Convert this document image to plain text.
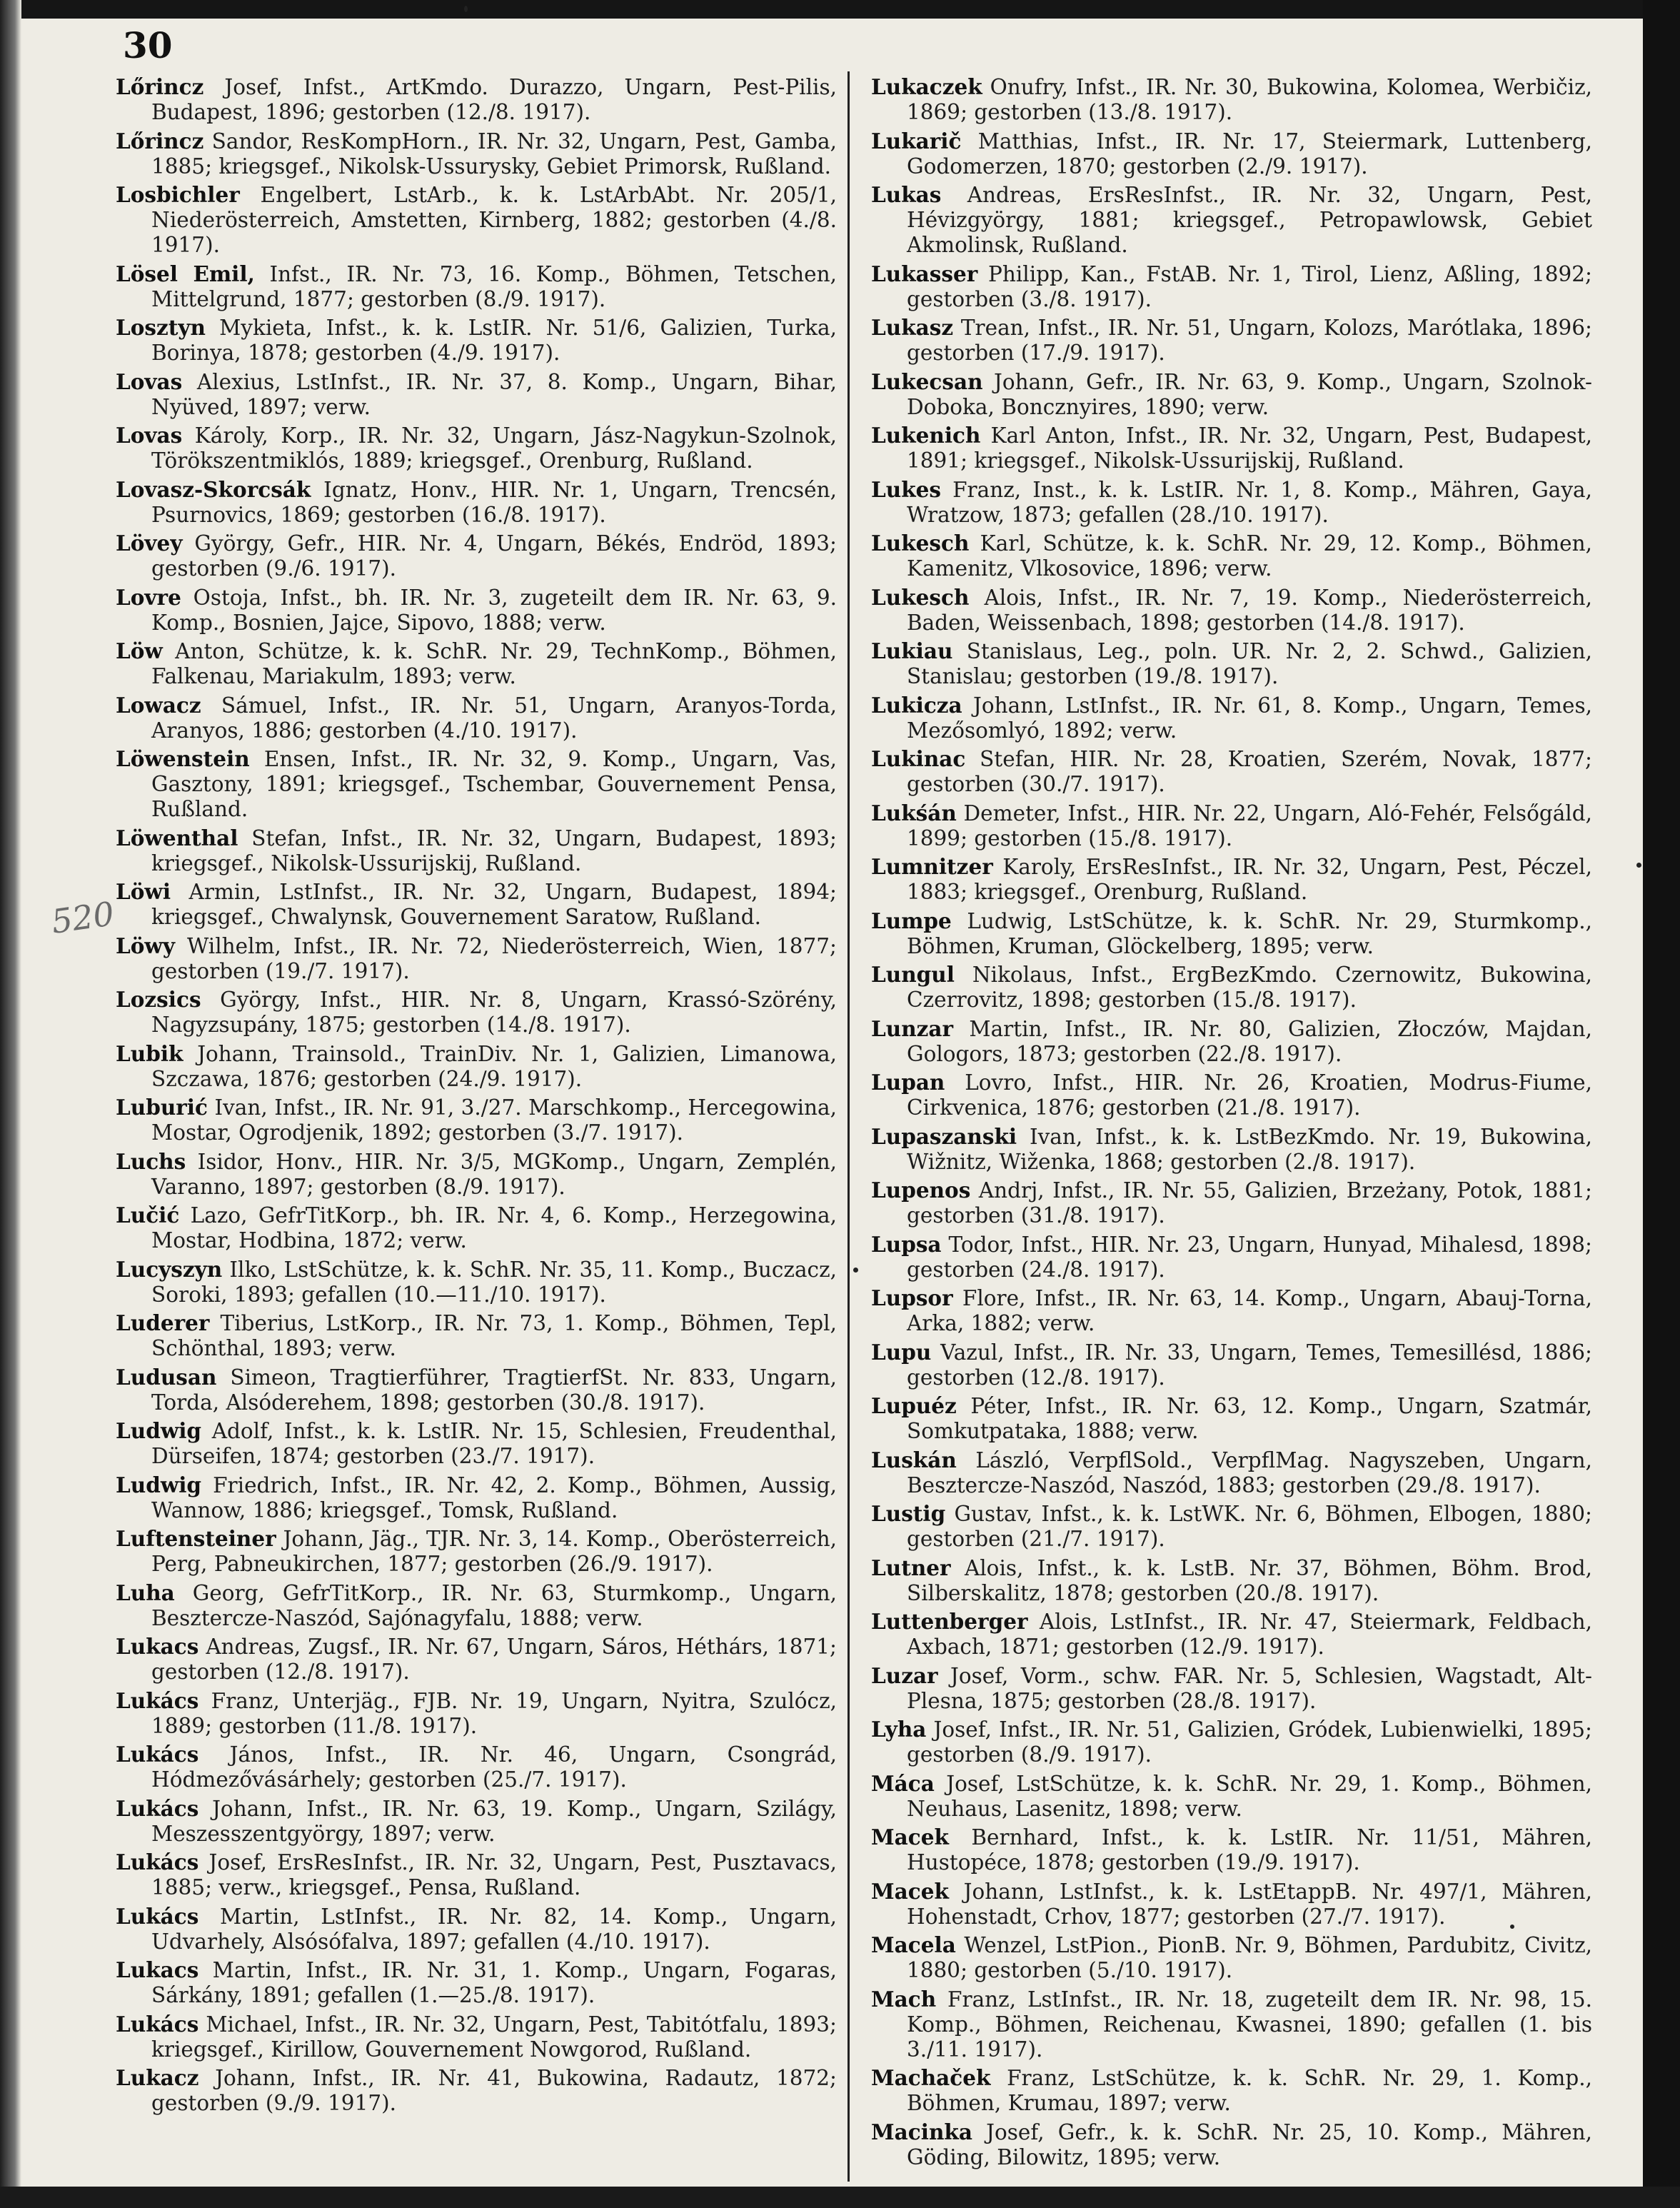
30
520

Lőrincz Josef, Infst., ArtKmdo. Durazzo, Ungarn, Pest-Pilis, Budapest, 1896; gestorben (12./8. 1917).

Lőrincz Sandor, ResKompHorn., IR. Nr. 32, Ungarn, Pest, Gamba, 1885; kriegsgef., Nikolsk-Ussurysky, Gebiet Primorsk, Rußland.

Losbichler Engelbert, LstArb., k. k. LstArbAbt. Nr. 205/1, Niederösterreich, Amstetten, Kirnberg, 1882; gestorben (4./8. 1917).

Lösel Emil, Infst., IR. Nr. 73, 16. Komp., Böhmen, Tetschen, Mittelgrund, 1877; gestorben (8./9. 1917).

Losztyn Mykieta, Infst., k. k. LstIR. Nr. 51/6, Galizien, Turka, Borinya, 1878; gestorben (4./9. 1917).

Lovas Alexius, LstInfst., IR. Nr. 37, 8. Komp., Ungarn, Bihar, Nyüved, 1897; verw.

Lovas Károly, Korp., IR. Nr. 32, Ungarn, Jász-Nagykun-Szolnok, Törökszentmiklós, 1889; kriegsgef., Orenburg, Rußland.

Lovasz-Skorcsák Ignatz, Honv., HIR. Nr. 1, Ungarn, Trencsén, Psurnovics, 1869; gestorben (16./8. 1917).

Lövey György, Gefr., HIR. Nr. 4, Ungarn, Békés, Endröd, 1893; gestorben (9./6. 1917).

Lovre Ostoja, Infst., bh. IR. Nr. 3, zugeteilt dem IR. Nr. 63, 9. Komp., Bosnien, Jajce, Sipovo, 1888; verw.

Löw Anton, Schütze, k. k. SchR. Nr. 29, TechnKomp., Böhmen, Falkenau, Mariakulm, 1893; verw.

Lowacz Sámuel, Infst., IR. Nr. 51, Ungarn, Aranyos-Torda, Aranyos, 1886; gestorben (4./10. 1917).

Löwenstein Ensen, Infst., IR. Nr. 32, 9. Komp., Ungarn, Vas, Gasztony, 1891; kriegsgef., Tschembar, Gouvernement Pensa, Rußland.

Löwenthal Stefan, Infst., IR. Nr. 32, Ungarn, Budapest, 1893; kriegsgef., Nikolsk-Ussurijskij, Rußland.

Löwi Armin, LstInfst., IR. Nr. 32, Ungarn, Budapest, 1894; kriegsgef., Chwalynsk, Gouvernement Saratow, Rußland.

Löwy Wilhelm, Infst., IR. Nr. 72, Niederösterreich, Wien, 1877; gestorben (19./7. 1917).

Lozsics György, Infst., HIR. Nr. 8, Ungarn, Krassó-Szörény, Nagyzsupány, 1875; gestorben (14./8. 1917).

Lubik Johann, Trainsold., TrainDiv. Nr. 1, Galizien, Limanowa, Szczawa, 1876; gestorben (24./9. 1917).

Luburić Ivan, Infst., IR. Nr. 91, 3./27. Marschkomp., Hercegowina, Mostar, Ogrodjenik, 1892; gestorben (3./7. 1917).

Luchs Isidor, Honv., HIR. Nr. 3/5, MGKomp., Ungarn, Zemplén, Varanno, 1897; gestorben (8./9. 1917).

Lučić Lazo, GefrTitKorp., bh. IR. Nr. 4, 6. Komp., Herzegowina, Mostar, Hodbina, 1872; verw.

Lucyszyn Ilko, LstSchütze, k. k. SchR. Nr. 35, 11. Komp., Buczacz, Soroki, 1893; gefallen (10.—11./10. 1917).

Luderer Tiberius, LstKorp., IR. Nr. 73, 1. Komp., Böhmen, Tepl, Schönthal, 1893; verw.

Ludusan Simeon, Tragtierführer, TragtierfSt. Nr. 833, Ungarn, Torda, Alsóderehem, 1898; gestorben (30./8. 1917).

Ludwig Adolf, Infst., k. k. LstIR. Nr. 15, Schlesien, Freudenthal, Dürseifen, 1874; gestorben (23./7. 1917).

Ludwig Friedrich, Infst., IR. Nr. 42, 2. Komp., Böhmen, Aussig, Wannow, 1886; kriegsgef., Tomsk, Rußland.

Luftensteiner Johann, Jäg., TJR. Nr. 3, 14. Komp., Oberösterreich, Perg, Pabneukirchen, 1877; gestorben (26./9. 1917).

Luha Georg, GefrTitKorp., IR. Nr. 63, Sturmkomp., Ungarn, Besztercze-Naszód, Sajónagyfalu, 1888; verw.

Lukacs Andreas, Zugsf., IR. Nr. 67, Ungarn, Sáros, Héthárs, 1871; gestorben (12./8. 1917).

Lukács Franz, Unterjäg., FJB. Nr. 19, Ungarn, Nyitra, Szulócz, 1889; gestorben (11./8. 1917).

Lukács János, Infst., IR. Nr. 46, Ungarn, Csongrád, Hódmezővásárhely; gestorben (25./7. 1917).

Lukács Johann, Infst., IR. Nr. 63, 19. Komp., Ungarn, Szilágy, Meszesszentgyörgy, 1897; verw.

Lukács Josef, ErsResInfst., IR. Nr. 32, Ungarn, Pest, Pusztavacs, 1885; verw., kriegsgef., Pensa, Rußland.

Lukács Martin, LstInfst., IR. Nr. 82, 14. Komp., Ungarn, Udvarhely, Alsósófalva, 1897; gefallen (4./10. 1917).

Lukacs Martin, Infst., IR. Nr. 31, 1. Komp., Ungarn, Fogaras, Sárkány, 1891; gefallen (1.—25./8. 1917).

Lukács Michael, Infst., IR. Nr. 32, Ungarn, Pest, Tabitótfalu, 1893; kriegsgef., Kirillow, Gouvernement Nowgorod, Rußland.

Lukacz Johann, Infst., IR. Nr. 41, Bukowina, Radautz, 1872; gestorben (9./9. 1917).

Lukaczek Onufry, Infst., IR. Nr. 30, Bukowina, Kolomea, Werbičiz, 1869; gestorben (13./8. 1917).

Lukarič Matthias, Infst., IR. Nr. 17, Steiermark, Luttenberg, Godomerzen, 1870; gestorben (2./9. 1917).

Lukas Andreas, ErsResInfst., IR. Nr. 32, Ungarn, Pest, Hévizgyörgy, 1881; kriegsgef., Petropawlowsk, Gebiet Akmolinsk, Rußland.

Lukasser Philipp, Kan., FstAB. Nr. 1, Tirol, Lienz, Aßling, 1892; gestorben (3./8. 1917).

Lukasz Trean, Infst., IR. Nr. 51, Ungarn, Kolozs, Marótlaka, 1896; gestorben (17./9. 1917).

Lukecsan Johann, Gefr., IR. Nr. 63, 9. Komp., Ungarn, Szolnok-Doboka, Boncznyires, 1890; verw.

Lukenich Karl Anton, Infst., IR. Nr. 32, Ungarn, Pest, Budapest, 1891; kriegsgef., Nikolsk-Ussurijskij, Rußland.

Lukes Franz, Inst., k. k. LstIR. Nr. 1, 8. Komp., Mähren, Gaya, Wratzow, 1873; gefallen (28./10. 1917).

Lukesch Karl, Schütze, k. k. SchR. Nr. 29, 12. Komp., Böhmen, Kamenitz, Vlkosovice, 1896; verw.

Lukesch Alois, Infst., IR. Nr. 7, 19. Komp., Niederösterreich, Baden, Weissenbach, 1898; gestorben (14./8. 1917).

Lukiau Stanislaus, Leg., poln. UR. Nr. 2, 2. Schwd., Galizien, Stanislau; gestorben (19./8. 1917).

Lukicza Johann, LstInfst., IR. Nr. 61, 8. Komp., Ungarn, Temes, Mezősomlyó, 1892; verw.

Lukinac Stefan, HIR. Nr. 28, Kroatien, Szerém, Novak, 1877; gestorben (30./7. 1917).

Lukśán Demeter, Infst., HIR. Nr. 22, Ungarn, Aló-Fehér, Felsőgáld, 1899; gestorben (15./8. 1917).

Lumnitzer Karoly, ErsResInfst., IR. Nr. 32, Ungarn, Pest, Péczel, 1883; kriegsgef., Orenburg, Rußland.

Lumpe Ludwig, LstSchütze, k. k. SchR. Nr. 29, Sturmkomp., Böhmen, Kruman, Glöckelberg, 1895; verw.

Lungul Nikolaus, Infst., ErgBezKmdo. Czernowitz, Bukowina, Czerrovitz, 1898; gestorben (15./8. 1917).

Lunzar Martin, Infst., IR. Nr. 80, Galizien, Złoczów, Majdan, Gologors, 1873; gestorben (22./8. 1917).

Lupan Lovro, Infst., HIR. Nr. 26, Kroatien, Modrus-Fiume, Cirkvenica, 1876; gestorben (21./8. 1917).

Lupaszanski Ivan, Infst., k. k. LstBezKmdo. Nr. 19, Bukowina, Wižnitz, Wiženka, 1868; gestorben (2./8. 1917).

Lupenos Andrj, Infst., IR. Nr. 55, Galizien, Brzeżany, Potok, 1881; gestorben (31./8. 1917).

Lupsa Todor, Infst., HIR. Nr. 23, Ungarn, Hunyad, Mihalesd, 1898; gestorben (24./8. 1917).

Lupsor Flore, Infst., IR. Nr. 63, 14. Komp., Ungarn, Abauj-Torna, Arka, 1882; verw.

Lupu Vazul, Infst., IR. Nr. 33, Ungarn, Temes, Temesillésd, 1886; gestorben (12./8. 1917).

Lupuéz Péter, Infst., IR. Nr. 63, 12. Komp., Ungarn, Szatmár, Somkutpataka, 1888; verw.

Luskán László, VerpflSold., VerpflMag. Nagyszeben, Ungarn, Besztercze-Naszód, Naszód, 1883; gestorben (29./8. 1917).

Lustig Gustav, Infst., k. k. LstWK. Nr. 6, Böhmen, Elbogen, 1880; gestorben (21./7. 1917).

Lutner Alois, Infst., k. k. LstB. Nr. 37, Böhmen, Böhm. Brod, Silberskalitz, 1878; gestorben (20./8. 1917).

Luttenberger Alois, LstInfst., IR. Nr. 47, Steiermark, Feldbach, Axbach, 1871; gestorben (12./9. 1917).

Luzar Josef, Vorm., schw. FAR. Nr. 5, Schlesien, Wagstadt, Alt-Plesna, 1875; gestorben (28./8. 1917).

Lyha Josef, Infst., IR. Nr. 51, Galizien, Gródek, Lubienwielki, 1895; gestorben (8./9. 1917).

Máca Josef, LstSchütze, k. k. SchR. Nr. 29, 1. Komp., Böhmen, Neuhaus, Lasenitz, 1898; verw.

Macek Bernhard, Infst., k. k. LstIR. Nr. 11/51, Mähren, Hustopéce, 1878; gestorben (19./9. 1917).

Macek Johann, LstInfst., k. k. LstEtappB. Nr. 497/1, Mähren, Hohenstadt, Crhov, 1877; gestorben (27./7. 1917).

Macela Wenzel, LstPion., PionB. Nr. 9, Böhmen, Pardubitz, Civitz, 1880; gestorben (5./10. 1917).

Mach Franz, LstInfst., IR. Nr. 18, zugeteilt dem IR. Nr. 98, 15. Komp., Böhmen, Reichenau, Kwasnei, 1890; gefallen (1. bis 3./11. 1917).

Machaček Franz, LstSchütze, k. k. SchR. Nr. 29, 1. Komp., Böhmen, Krumau, 1897; verw.

Macinka Josef, Gefr., k. k. SchR. Nr. 25, 10. Komp., Mähren, Göding, Bilowitz, 1895; verw.
